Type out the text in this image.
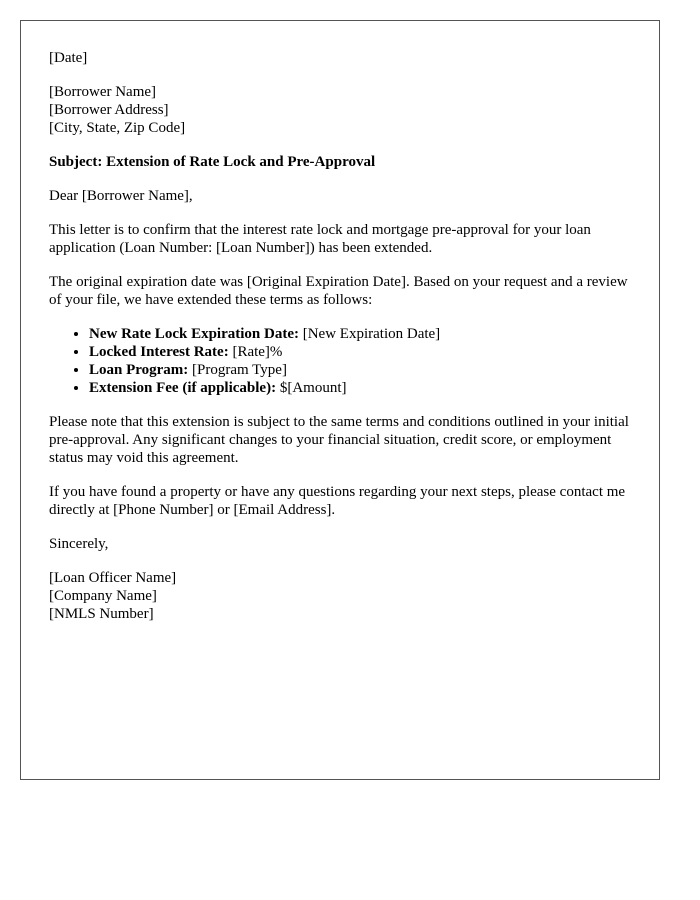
[Date]
[Borrower Name]
[Borrower Address]
[City, State, Zip Code]
Subject: Extension of Rate Lock and Pre-Approval
Dear [Borrower Name],
This letter is to confirm that the interest rate lock and mortgage pre-approval for your loan application (Loan Number: [Loan Number]) has been extended.
The original expiration date was [Original Expiration Date]. Based on your request and a review of your file, we have extended these terms as follows:
• New Rate Lock Expiration Date: [New Expiration Date]
• Locked Interest Rate: [Rate]%
• Loan Program: [Program Type]
• Extension Fee (if applicable): $[Amount]
Please note that this extension is subject to the same terms and conditions outlined in your initial pre-approval. Any significant changes to your financial situation, credit score, or employment status may void this agreement.
If you have found a property or have any questions regarding your next steps, please contact me directly at [Phone Number] or [Email Address].
Sincerely,
[Loan Officer Name]
[Company Name]
[NMLS Number]
